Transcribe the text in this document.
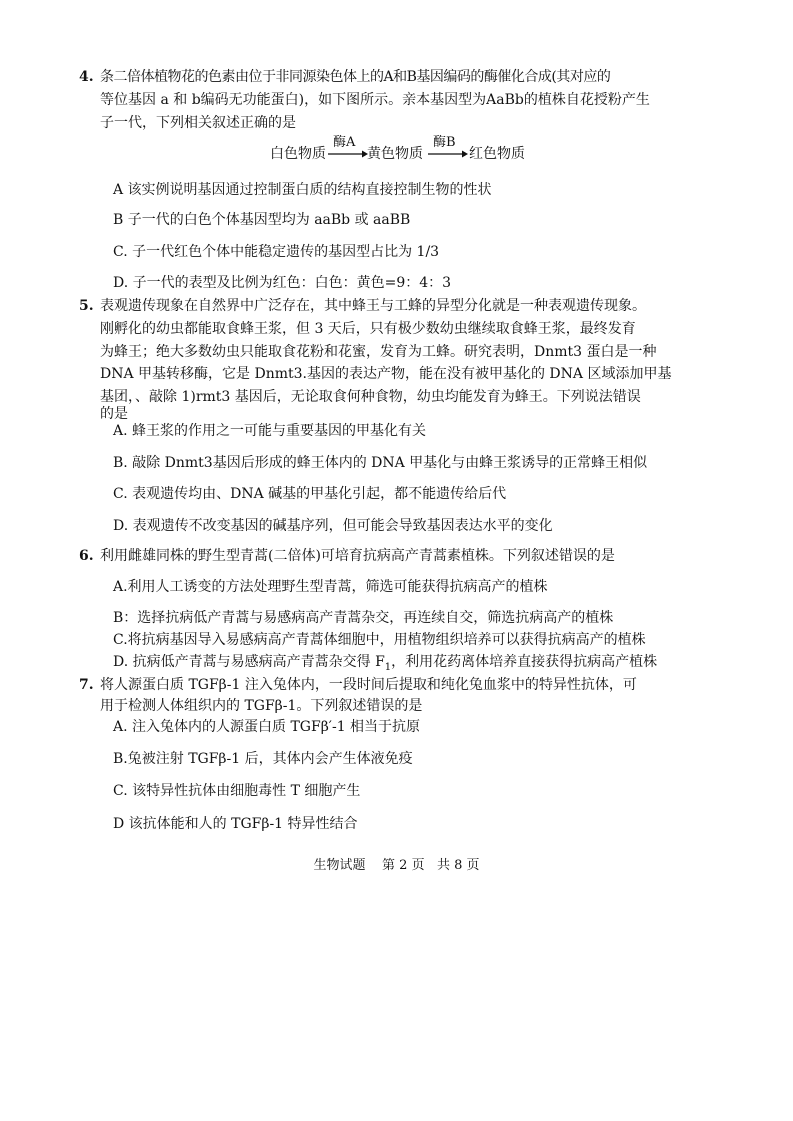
4. 条二倍体植物花的色素由位于非同源染色体上的A和B基因编码的酶催化合成(其对应的
等位基因 a 和 b编码无功能蛋白)，如下图所示。亲本基因型为AaBb的植株自花授粉产生
子一代，下列相关叙述正确的是
白色物质
酶A
黄色物质
酶B
红色物质
A 该实例说明基因通过控制蛋白质的结构直接控制生物的性状
B 子一代的白色个体基因型均为 aaBb 或 aaBB
C. 子一代红色个体中能稳定遗传的基因型占比为 1/3
D. 子一代的表型及比例为红色：白色：黄色=9：4：3
5. 表观遗传现象在自然界中广泛存在，其中蜂王与工蜂的异型分化就是一种表观遗传现象。
刚孵化的幼虫都能取食蜂王浆，但 3 天后，只有极少数幼虫继续取食蜂王浆，最终发育
为蜂王；绝大多数幼虫只能取食花粉和花蜜，发育为工蜂。研究表明，Dnmt3 蛋白是一种
DNA 甲基转移酶，它是 Dnmt3.基因的表达产物，能在没有被甲基化的 DNA 区域添加甲基
基团，、敲除 1)rmt3 基因后，无论取食何种食物，幼虫均能发育为蜂王。下列说法错误
的是
A. 蜂王浆的作用之一可能与重要基因的甲基化有关
B. 敲除 Dnmt3基因后形成的蜂王体内的 DNA 甲基化与由蜂王浆诱导的正常蜂王相似
C. 表观遗传均由、DNA 碱基的甲基化引起，都不能遗传给后代
D. 表观遗传不改变基因的碱基序列，但可能会导致基因表达水平的变化
6. 利用雌雄同株的野生型青蒿(二倍体)可培育抗病高产青蒿素植株。下列叙述错误的是
A.利用人工诱变的方法处理野生型青蒿，筛选可能获得抗病高产的植株
B：选择抗病低产青蒿与易感病高产青蒿杂交，再连续自交，筛选抗病高产的植株
C.将抗病基因导入易感病高产青蒿体细胞中，用植物组织培养可以获得抗病高产的植株
D. 抗病低产青蒿与易感病高产青蒿杂交得 $F_1$，利用花药离体培养直接获得抗病高产植株
7. 将人源蛋白质 TGFβ-1 注入兔体内，一段时间后提取和纯化兔血浆中的特异性抗体，可
用于检测人体组织内的 TGFβ-1。下列叙述错误的是
A. 注入兔体内的人源蛋白质 TGFβ′-1 相当于抗原
B.兔被注射 TGFβ-1 后，其体内会产生体液免疫
C. 该特异性抗体由细胞毒性 T 细胞产生
D 该抗体能和人的 TGFβ-1 特异性结合
生物试题    第 2 页   共 8 页
